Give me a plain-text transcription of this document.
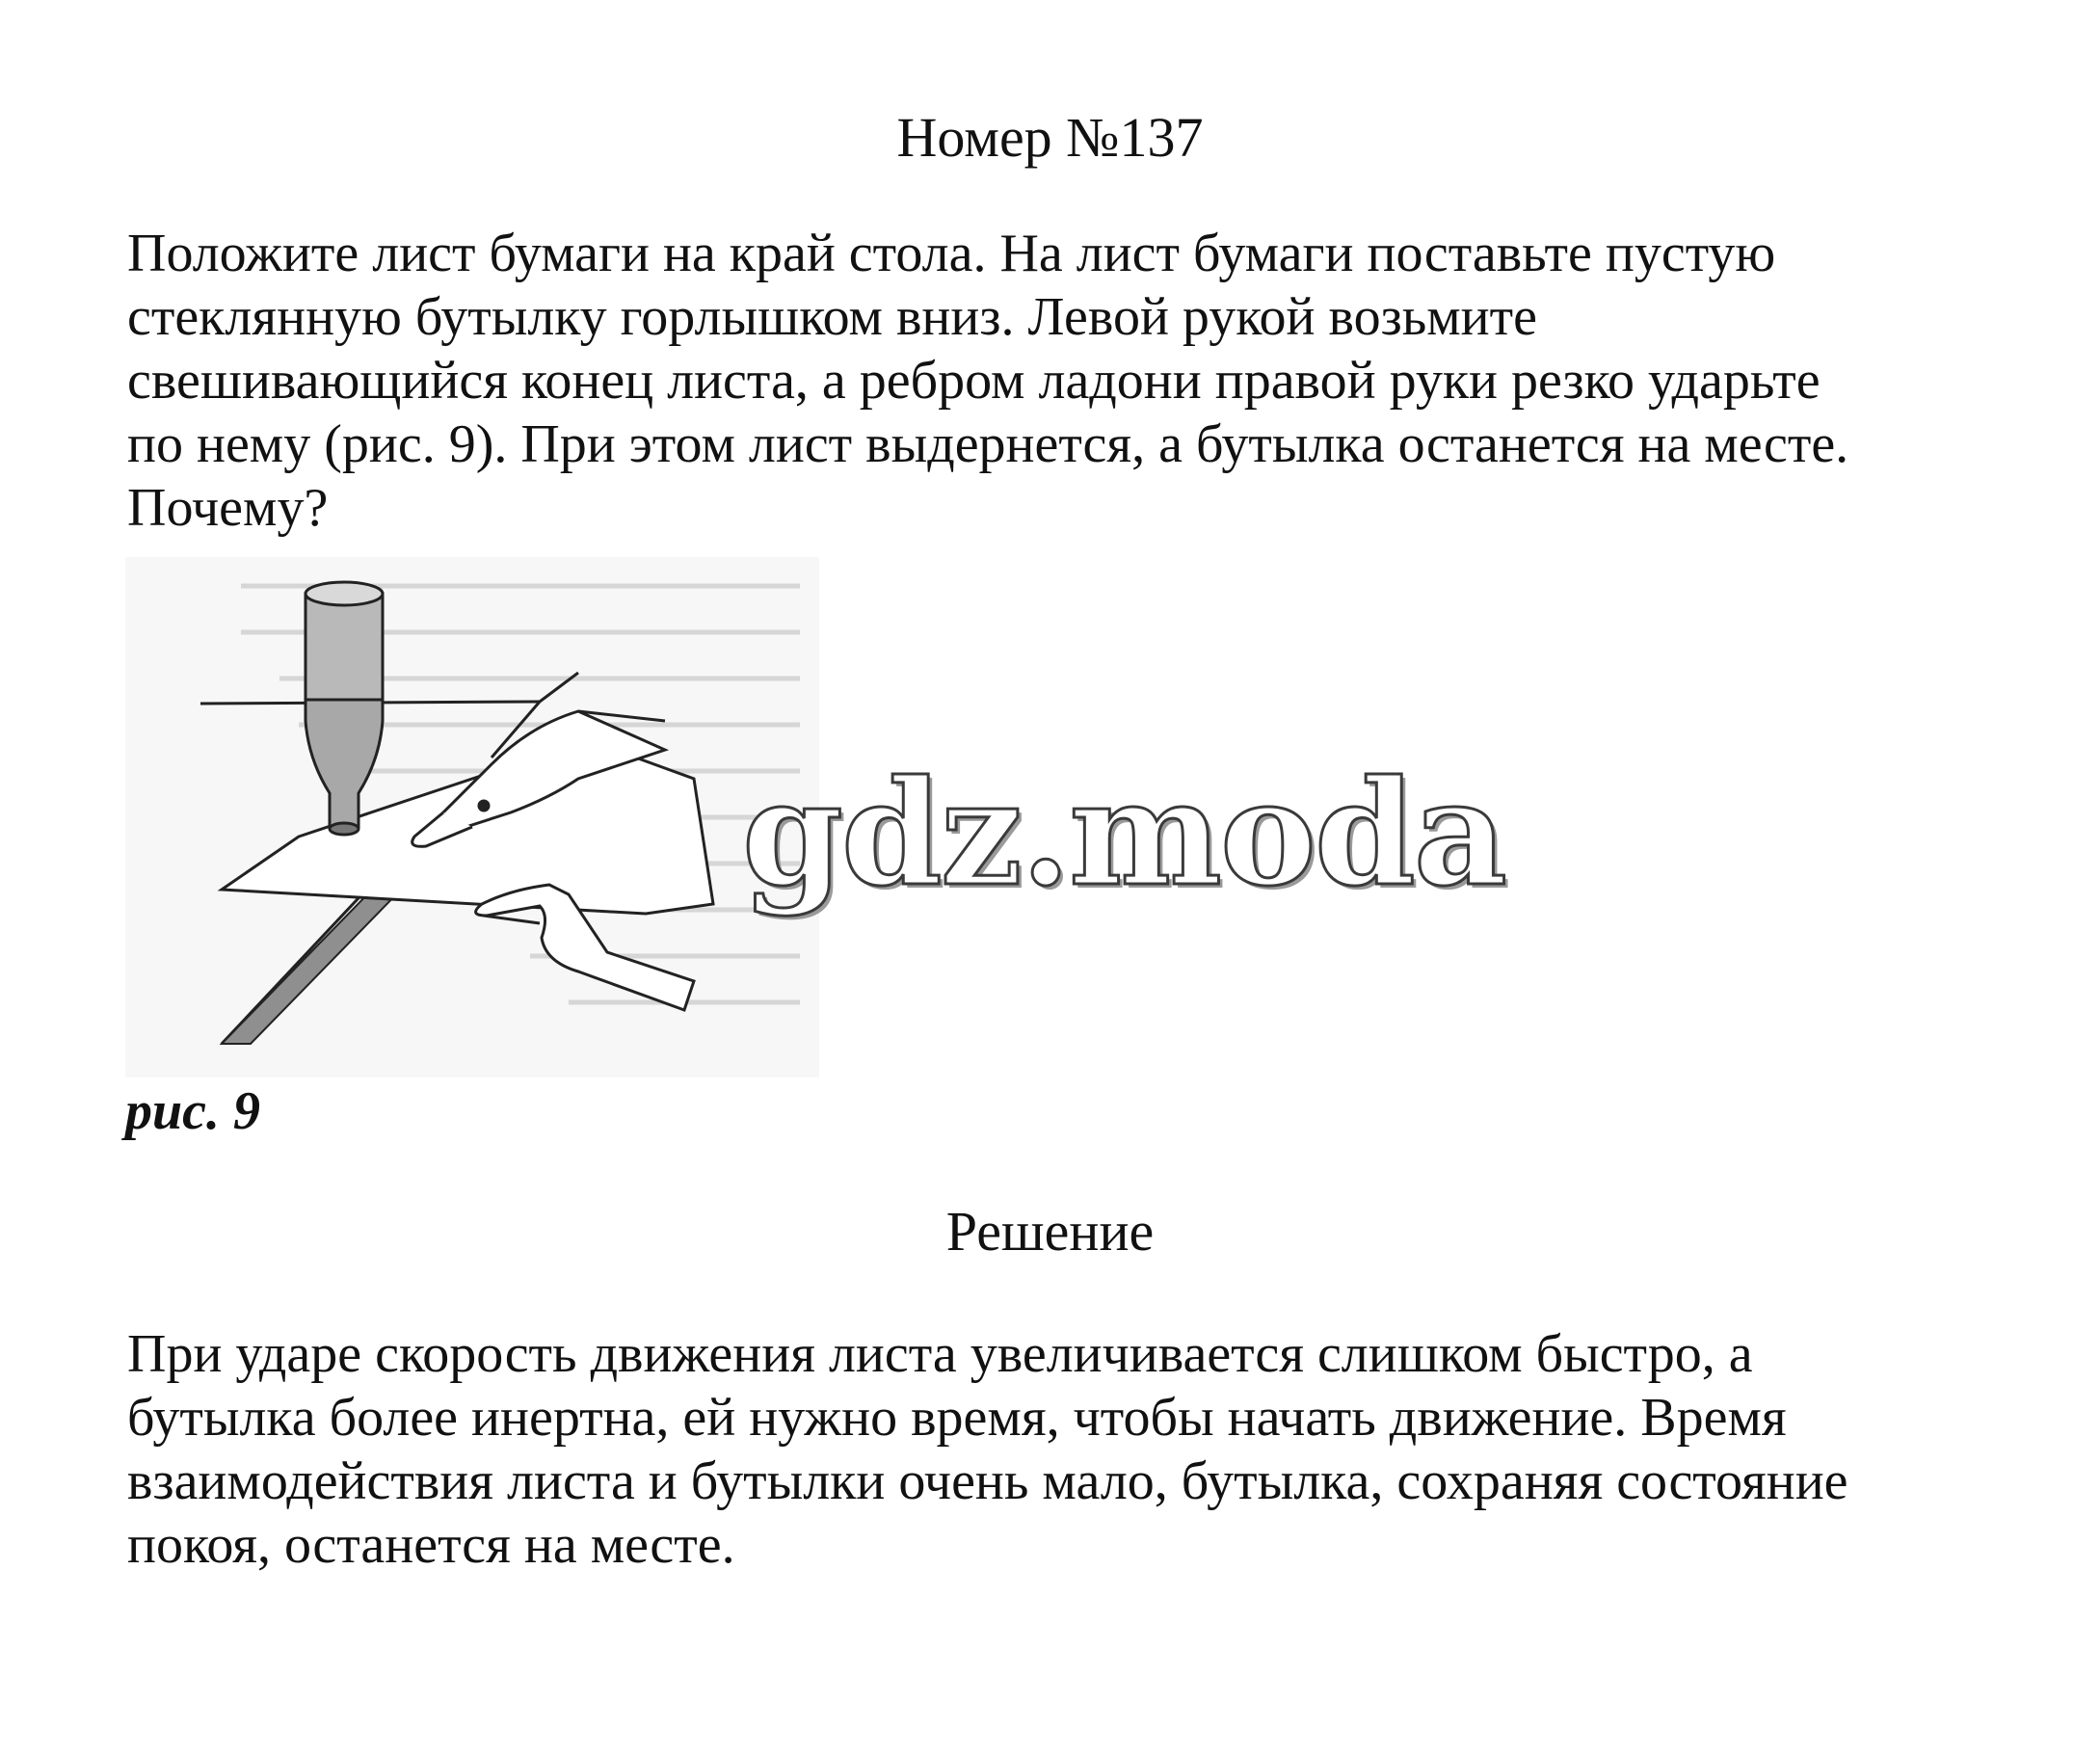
Номер №137
Положите лист бумаги на край стола. На лист бумаги поставьте пустую
стеклянную бутылку горлышком вниз. Левой рукой возьмите
свешивающийся конец листа, а ребром ладони правой руки резко ударьте
по нему (рис. 9). При этом лист выдернется, а бутылка останется на месте.
Почему?
рис. 9
gdz.moda
Решение
При ударе скорость движения листа увеличивается слишком быстро, а
бутылка более инертна, ей нужно время, чтобы начать движение. Время
взаимодействия листа и бутылки очень мало, бутылка, сохраняя состояние
покоя, останется на месте.
